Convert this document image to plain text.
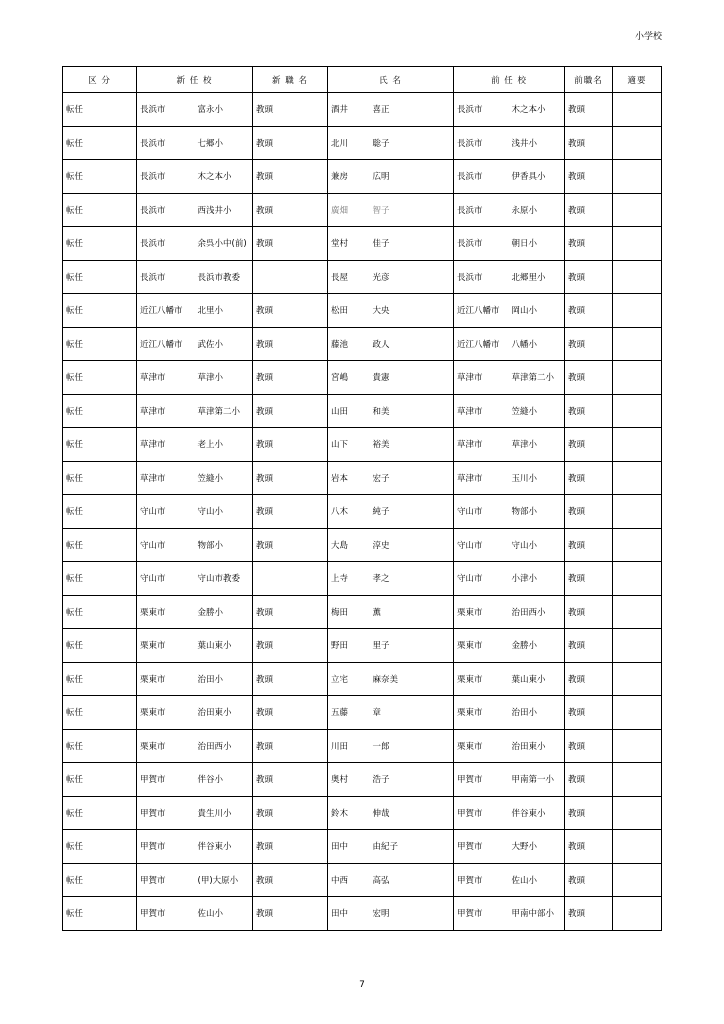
小学校
区 分	新 任 校		新 職 名	氏 名		前 任 校		前職名	適要
転任	長浜市	富永小	教頭	酒井	喜正	長浜市	木之本小	教頭	
転任	長浜市	七郷小	教頭	北川	聡子	長浜市	浅井小	教頭	
転任	長浜市	木之本小	教頭	兼房	広明	長浜市	伊香具小	教頭	
転任	長浜市	西浅井小	教頭	廣畑	智子	長浜市	永原小	教頭	
転任	長浜市	余呉小中(前)	教頭	堂村	佳子	長浜市	朝日小	教頭	
転任	長浜市	長浜市教委		長屋	光彦	長浜市	北郷里小	教頭	
転任	近江八幡市	北里小	教頭	松田	大央	近江八幡市	岡山小	教頭	
転任	近江八幡市	武佐小	教頭	藤池	政人	近江八幡市	八幡小	教頭	
転任	草津市	草津小	教頭	宮嶋	貴憲	草津市	草津第二小	教頭	
転任	草津市	草津第二小	教頭	山田	和美	草津市	笠縫小	教頭	
転任	草津市	老上小	教頭	山下	裕美	草津市	草津小	教頭	
転任	草津市	笠縫小	教頭	岩本	宏子	草津市	玉川小	教頭	
転任	守山市	守山小	教頭	八木	純子	守山市	物部小	教頭	
転任	守山市	物部小	教頭	大島	淳史	守山市	守山小	教頭	
転任	守山市	守山市教委		上寺	孝之	守山市	小津小	教頭	
転任	栗東市	金勝小	教頭	梅田	薫	栗東市	治田西小	教頭	
転任	栗東市	葉山東小	教頭	野田	里子	栗東市	金勝小	教頭	
転任	栗東市	治田小	教頭	立宅	麻奈美	栗東市	葉山東小	教頭	
転任	栗東市	治田東小	教頭	五藤	章	栗東市	治田小	教頭	
転任	栗東市	治田西小	教頭	川田	一郎	栗東市	治田東小	教頭	
転任	甲賀市	伴谷小	教頭	奥村	浩子	甲賀市	甲南第一小	教頭	
転任	甲賀市	貴生川小	教頭	鈴木	伸哉	甲賀市	伴谷東小	教頭	
転任	甲賀市	伴谷東小	教頭	田中	由紀子	甲賀市	大野小	教頭	
転任	甲賀市	(甲)大原小	教頭	中西	高弘	甲賀市	佐山小	教頭	
転任	甲賀市	佐山小	教頭	田中	宏明	甲賀市	甲南中部小	教頭	
7
